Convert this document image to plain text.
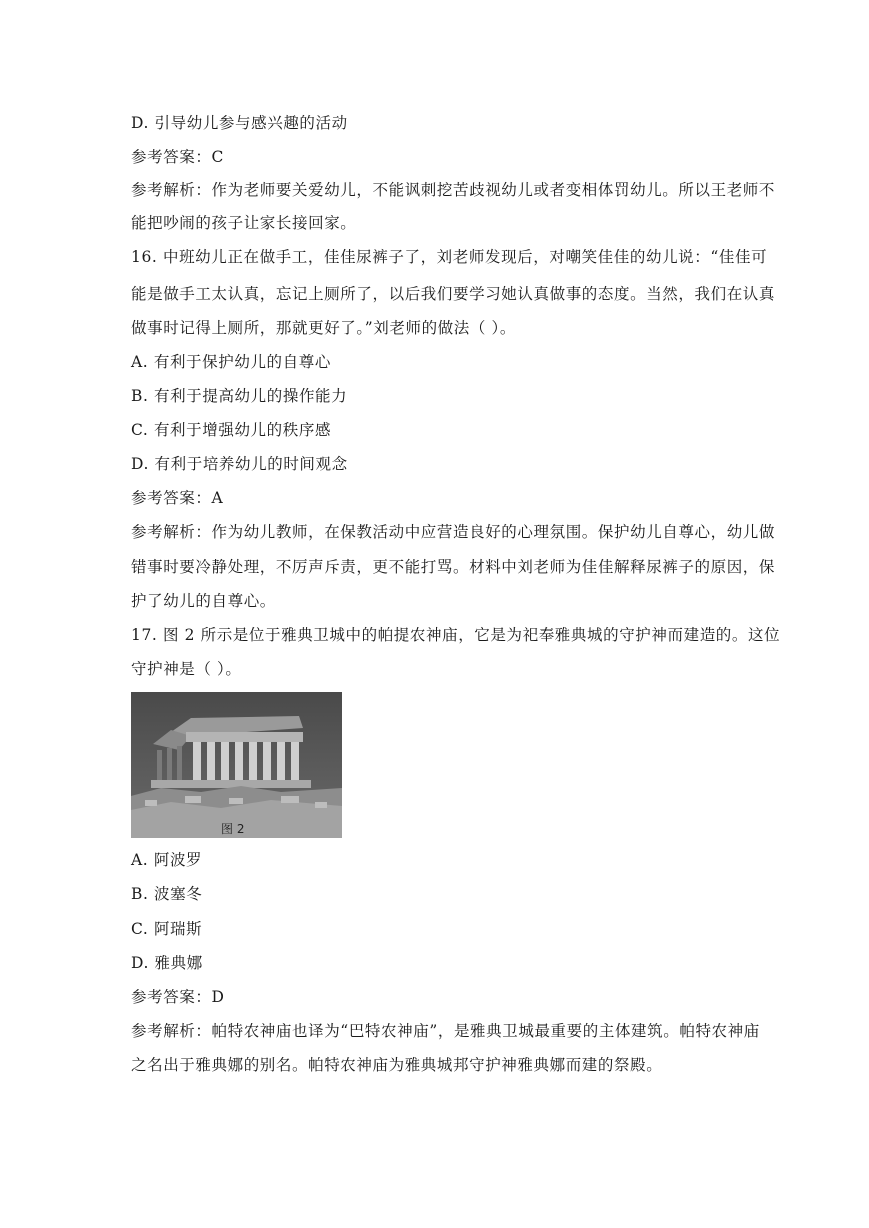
D. 引导幼儿参与感兴趣的活动
参考答案：C
参考解析：作为老师要关爱幼儿，不能讽刺挖苦歧视幼儿或者变相体罚幼儿。所以王老师不
能把吵闹的孩子让家长接回家。
16. 中班幼儿正在做手工，佳佳尿裤子了，刘老师发现后，对嘲笑佳佳的幼儿说：“佳佳可
能是做手工太认真，忘记上厕所了，以后我们要学习她认真做事的态度。当然，我们在认真
做事时记得上厕所，那就更好了。”刘老师的做法（ ）。
A. 有利于保护幼儿的自尊心
B. 有利于提高幼儿的操作能力
C. 有利于增强幼儿的秩序感
D. 有利于培养幼儿的时间观念
参考答案：A
参考解析：作为幼儿教师，在保教活动中应营造良好的心理氛围。保护幼儿自尊心，幼儿做
错事时要冷静处理，不厉声斥责，更不能打骂。材料中刘老师为佳佳解释尿裤子的原因，保
护了幼儿的自尊心。
17. 图 2 所示是位于雅典卫城中的帕提农神庙，它是为祀奉雅典城的守护神而建造的。这位
守护神是（ ）。
图 2
A. 阿波罗
B. 波塞冬
C. 阿瑞斯
D. 雅典娜
参考答案：D
参考解析：帕特农神庙也译为“巴特农神庙”，是雅典卫城最重要的主体建筑。帕特农神庙
之名出于雅典娜的别名。帕特农神庙为雅典城邦守护神雅典娜而建的祭殿。
